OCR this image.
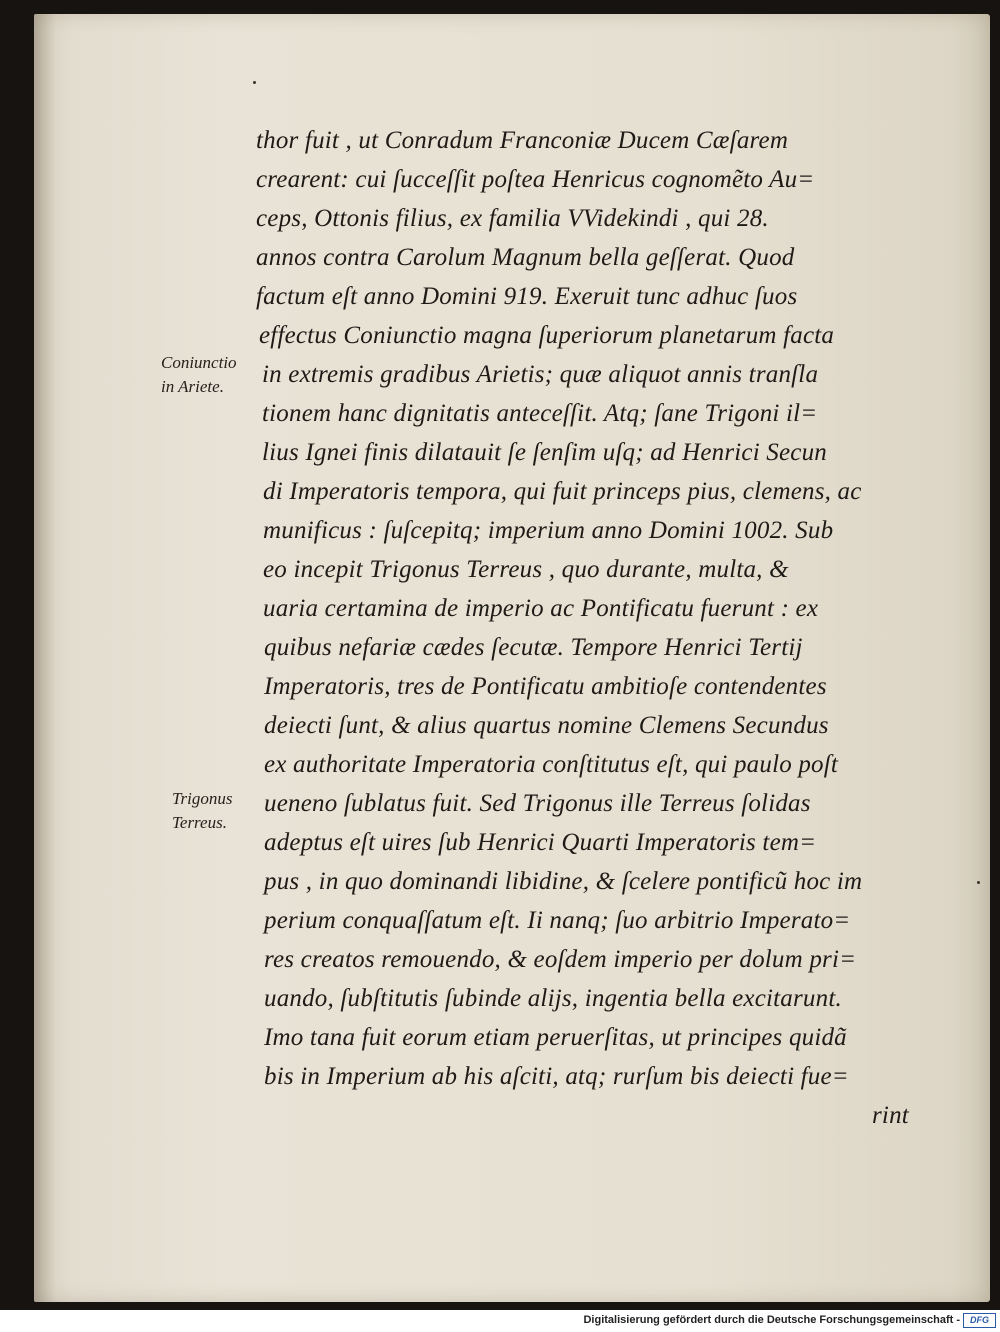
Coniunctio
in Ariete.
Trigonus
Terreus.
thor fuit , ut Conradum Franconiæ Ducem Cæſarem
crearent: cui ſucceſſit poſtea Henricus cognomẽto Au=
ceps, Ottonis filius, ex familia VVidekindi , qui 28.
annos contra Carolum Magnum bella geſſerat. Quod
factum eſt anno Domini 919. Exeruit tunc adhuc ſuos
effectus Coniunctio magna ſuperiorum planetarum facta
in extremis gradibus Arietis; quæ aliquot annis tranſla
tionem hanc dignitatis anteceſſit. Atq; ſane Trigoni il=
lius Ignei finis dilatauit ſe ſenſim uſq; ad Henrici Secun
di Imperatoris tempora, qui fuit princeps pius, clemens, ac
munificus : ſuſcepitq; imperium anno Domini 1002. Sub
eo incepit Trigonus Terreus , quo durante, multa, &
uaria certamina de imperio ac Pontificatu fuerunt : ex
quibus nefariæ cædes ſecutæ. Tempore Henrici Tertij
Imperatoris, tres de Pontificatu ambitioſe contendentes
deiecti ſunt, & alius quartus nomine Clemens Secundus
ex authoritate Imperatoria conſtitutus eſt, qui paulo poſt
ueneno ſublatus fuit. Sed Trigonus ille Terreus ſolidas
adeptus eſt uires ſub Henrici Quarti Imperatoris tem=
pus , in quo dominandi libidine, & ſcelere pontificũ hoc im
perium conquaſſatum eſt. Ii nanq; ſuo arbitrio Imperato=
res creatos remouendo, & eoſdem imperio per dolum pri=
uando, ſubſtitutis ſubinde alijs, ingentia bella excitarunt.
Imo tana fuit eorum etiam peruerſitas, ut principes quidã
bis in Imperium ab his aſciti, atq; rurſum bis deiecti fue=
rint
Digitalisierung gefördert durch die Deutsche Forschungsgemeinschaft -	DFG
